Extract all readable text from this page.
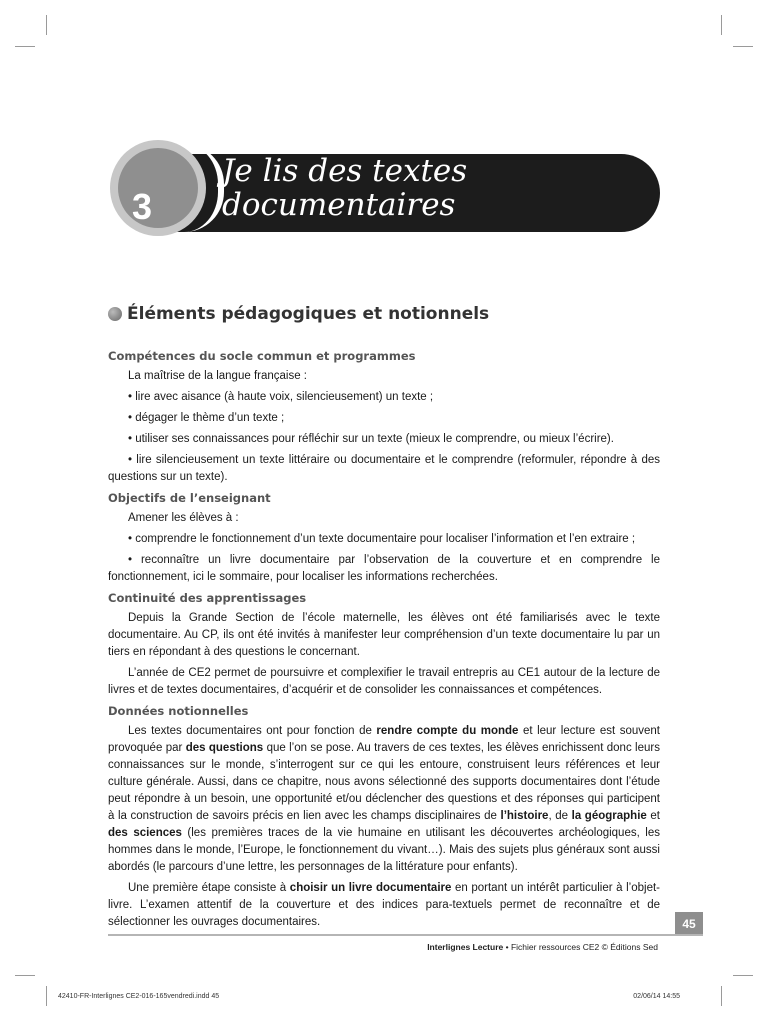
3
Je lis des textes
documentaires
Éléments pédagogiques et notionnels
Compétences du socle commun et programmes

La maîtrise de la langue française :

• lire avec aisance (à haute voix, silencieusement) un texte ;
• dégager le thème d’un texte ;
• utiliser ses connaissances pour réfléchir sur un texte (mieux le comprendre, ou mieux l’écrire).
• lire silencieusement un texte littéraire ou documentaire et le comprendre (reformuler, répondre à des questions sur un texte).
Objectifs de l’enseignant

Amener les élèves à :

• comprendre le fonctionnement d’un texte documentaire pour localiser l’information et l’en extraire ;
• reconnaître un livre documentaire par l’observation de la couverture et en comprendre le fonctionnement, ici le sommaire, pour localiser les informations recherchées.
Continuité des apprentissages

Depuis la Grande Section de l’école maternelle, les élèves ont été familiarisés avec le texte documentaire. Au CP, ils ont été invités à manifester leur compréhension d’un texte documentaire lu par un tiers en répondant à des questions le concernant.

L’année de CE2 permet de poursuivre et complexifier le travail entrepris au CE1 autour de la lecture de livres et de textes documentaires, d’acquérir et de consolider les connaissances et compétences.

Données notionnelles

Les textes documentaires ont pour fonction de rendre compte du monde et leur lecture est souvent provoquée par des questions que l’on se pose. Au travers de ces textes, les élèves enrichissent donc leurs connaissances sur le monde, s’interrogent sur ce qui les entoure, construisent leurs références et leur culture générale. Aussi, dans ce chapitre, nous avons sélectionné des supports documentaires dont l’étude peut répondre à un besoin, une opportunité et/ou déclencher des questions et des réponses qui participent à la construction de savoirs précis en lien avec les champs disciplinaires de l’histoire, de la géographie et des sciences (les premières traces de la vie humaine en utilisant les découvertes archéologiques, les hommes dans le monde, l’Europe, le fonctionnement du vivant…). Mais des sujets plus généraux sont aussi abordés (le parcours d’une lettre, les personnages de la littérature pour enfants).

Une première étape consiste à choisir un livre documentaire en portant un intérêt particulier à l’objet-livre. L’examen attentif de la couverture et des indices para-textuels permet de reconnaître et de sélectionner les ouvrages documentaires.	45
Interlignes Lecture • Fichier ressources CE2 © Éditions Sed
42410-FR-Interlignes CE2-016-165vendredi.indd 45	02/06/14 14:55
